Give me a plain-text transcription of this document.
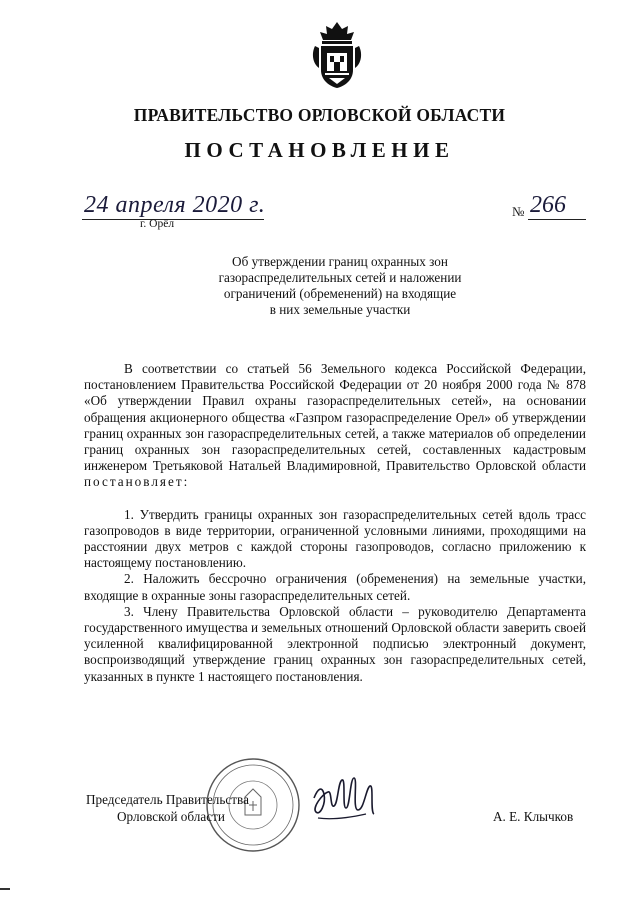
ПРАВИТЕЛЬСТВО ОРЛОВСКОЙ ОБЛАСТИ
ПОСТАНОВЛЕНИЕ
24 апреля 2020 г.
г. Орёл
№ 266
Об утверждении границ охранных зон
газораспределительных сетей и наложении
ограничений (обременений) на входящие
в них земельные участки

В соответствии со статьей 56 Земельного кодекса Российской Федерации, постановлением Правительства Российской Федерации от 20 ноября 2000 года № 878 «Об утверждении Правил охраны газораспределительных сетей», на основании обращения акционерного общества «Газпром газораспределение Орел» об утверждении границ охранных зон газораспределительных сетей, а также материалов об определении границ охранных зон газораспределительных сетей, составленных кадастровым инженером Третьяковой Натальей Владимировной, Правительство Орловской области постановляет:

1. Утвердить границы охранных зон газораспределительных сетей вдоль трасс газопроводов в виде территории, ограниченной условными линиями, проходящими на расстоянии двух метров с каждой стороны газопроводов, согласно приложению к настоящему постановлению.

2. Наложить бессрочно ограничения (обременения) на земельные участки, входящие в охранные зоны газораспределительных сетей.

3. Члену Правительства Орловской области – руководителю Департамента государственного имущества и земельных отношений Орловской области заверить своей усиленной квалифицированной электронной подписью электронный документ, воспроизводящий утверждение границ охранных зон газораспределительных сетей, указанных в пункте 1 настоящего постановления.

Председатель Правительства
Орловской области	А. Е. Клычков
